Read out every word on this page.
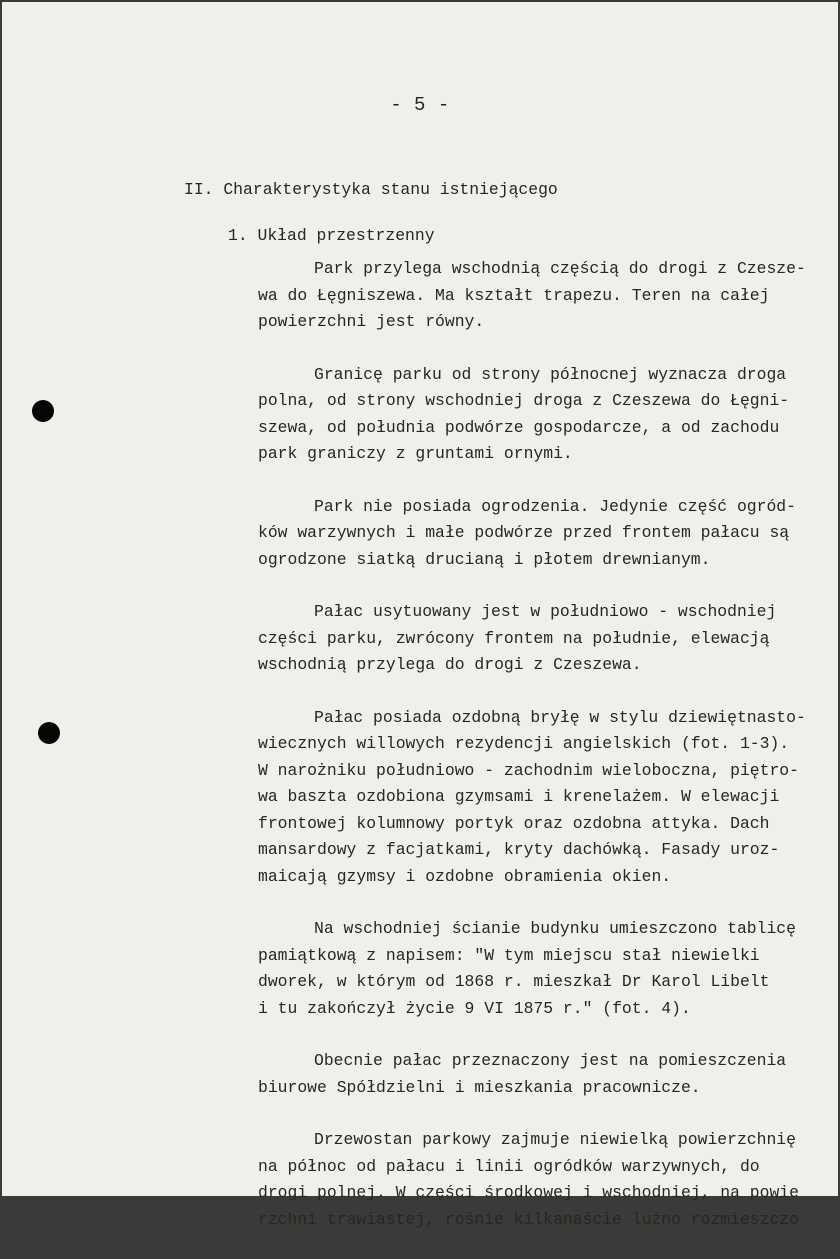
- 5 -
II. Charakterystyka stanu istniejącego
1. Układ przestrzenny
Park przylega wschodnią częścią do drogi z Czesze-
wa do Łęgniszewa. Ma kształt trapezu. Teren na całej
powierzchni jest równy.
Granicę parku od strony północnej wyznacza droga
polna, od strony wschodniej droga z Czeszewa do Łęgni-
szewa, od południa podwórze gospodarcze, a od zachodu
park graniczy z gruntami ornymi.
Park nie posiada ogrodzenia. Jedynie część ogród-
ków warzywnych i małe podwórze przed frontem pałacu są
ogrodzone siatką drucianą i płotem drewnianym.
Pałac usytuowany jest w południowo - wschodniej
części parku, zwrócony frontem na południe, elewacją
wschodnią przylega do drogi z Czeszewa.
Pałac posiada ozdobną bryłę w stylu dziewiętnasto-
wiecznych willowych rezydencji angielskich (fot. 1-3).
W narożniku południowo - zachodnim wieloboczna, piętro-
wa baszta ozdobiona gzymsami i krenelażem. W elewacji
frontowej kolumnowy portyk oraz ozdobna attyka. Dach
mansardowy z facjatkami, kryty dachówką. Fasady uroz-
maicają gzymsy i ozdobne obramienia okien.
Na wschodniej ścianie budynku umieszczono tablicę
pamiątkową z napisem: "W tym miejscu stał niewielki
dworek, w którym od 1868 r. mieszkał Dr Karol Libelt
i tu zakończył życie 9 VI 1875 r." (fot. 4).
Obecnie pałac przeznaczony jest na pomieszczenia
biurowe Spółdzielni i mieszkania pracownicze.
Drzewostan parkowy zajmuje niewielką powierzchnię
na północ od pałacu i linii ogródków warzywnych, do
drogi polnej. W części środkowej i wschodniej, na powie
rzchni trawiastej, rośnie kilkanaście luźno rozmieszczo
